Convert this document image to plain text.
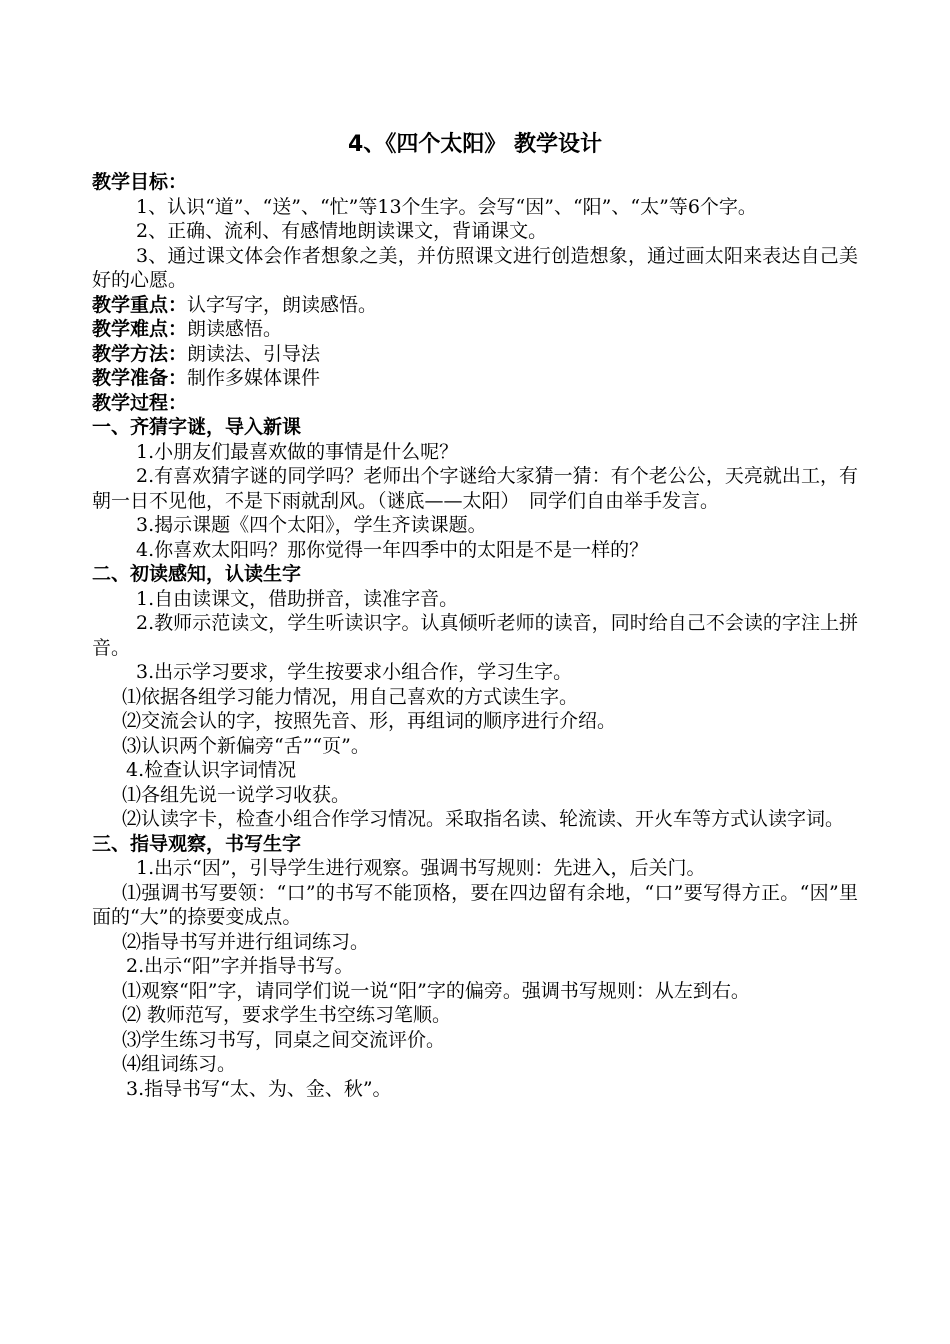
4、《四个太阳》 教学设计

教学目标：

1、认识“道”、“送”、“忙”等13个生字。会写“因”、“阳”、“太”等6个字。

2、正确、流利、有感情地朗读课文，背诵课文。

3、通过课文体会作者想象之美，并仿照课文进行创造想象，通过画太阳来表达自己美好的心愿。

教学重点：认字写字，朗读感悟。

教学难点：朗读感悟。

教学方法：朗读法、引导法

教学准备：制作多媒体课件

教学过程：

一、齐猜字谜，导入新课

1.小朋友们最喜欢做的事情是什么呢？

2.有喜欢猜字谜的同学吗？老师出个字谜给大家猜一猜：有个老公公，天亮就出工，有朝一日不见他，不是下雨就刮风。（谜底——太阳）　同学们自由举手发言。

3.揭示课题《四个太阳》，学生齐读课题。

4.你喜欢太阳吗？那你觉得一年四季中的太阳是不是一样的？

二、初读感知，认读生字

1.自由读课文，借助拼音，读准字音。

2.教师示范读文，学生听读识字。认真倾听老师的读音，同时给自己不会读的字注上拼音。

3.出示学习要求，学生按要求小组合作，学习生字。

⑴依据各组学习能力情况，用自己喜欢的方式读生字。

⑵交流会认的字，按照先音、形，再组词的顺序进行介绍。

⑶认识两个新偏旁“舌”“页”。

4.检查认识字词情况

⑴各组先说一说学习收获。

⑵认读字卡，检查小组合作学习情况。采取指名读、轮流读、开火车等方式认读字词。

三、指导观察，书写生字

1.出示“因”，引导学生进行观察。强调书写规则：先进入，后关门。

⑴强调书写要领：“口”的书写不能顶格，要在四边留有余地，“口”要写得方正。“因”里面的“大”的捺要变成点。

⑵指导书写并进行组词练习。

2.出示“阳”字并指导书写。

⑴观察“阳”字，请同学们说一说“阳”字的偏旁。强调书写规则：从左到右。

⑵ 教师范写，要求学生书空练习笔顺。

⑶学生练习书写，同桌之间交流评价。

⑷组词练习。

3.指导书写“太、为、金、秋”。
